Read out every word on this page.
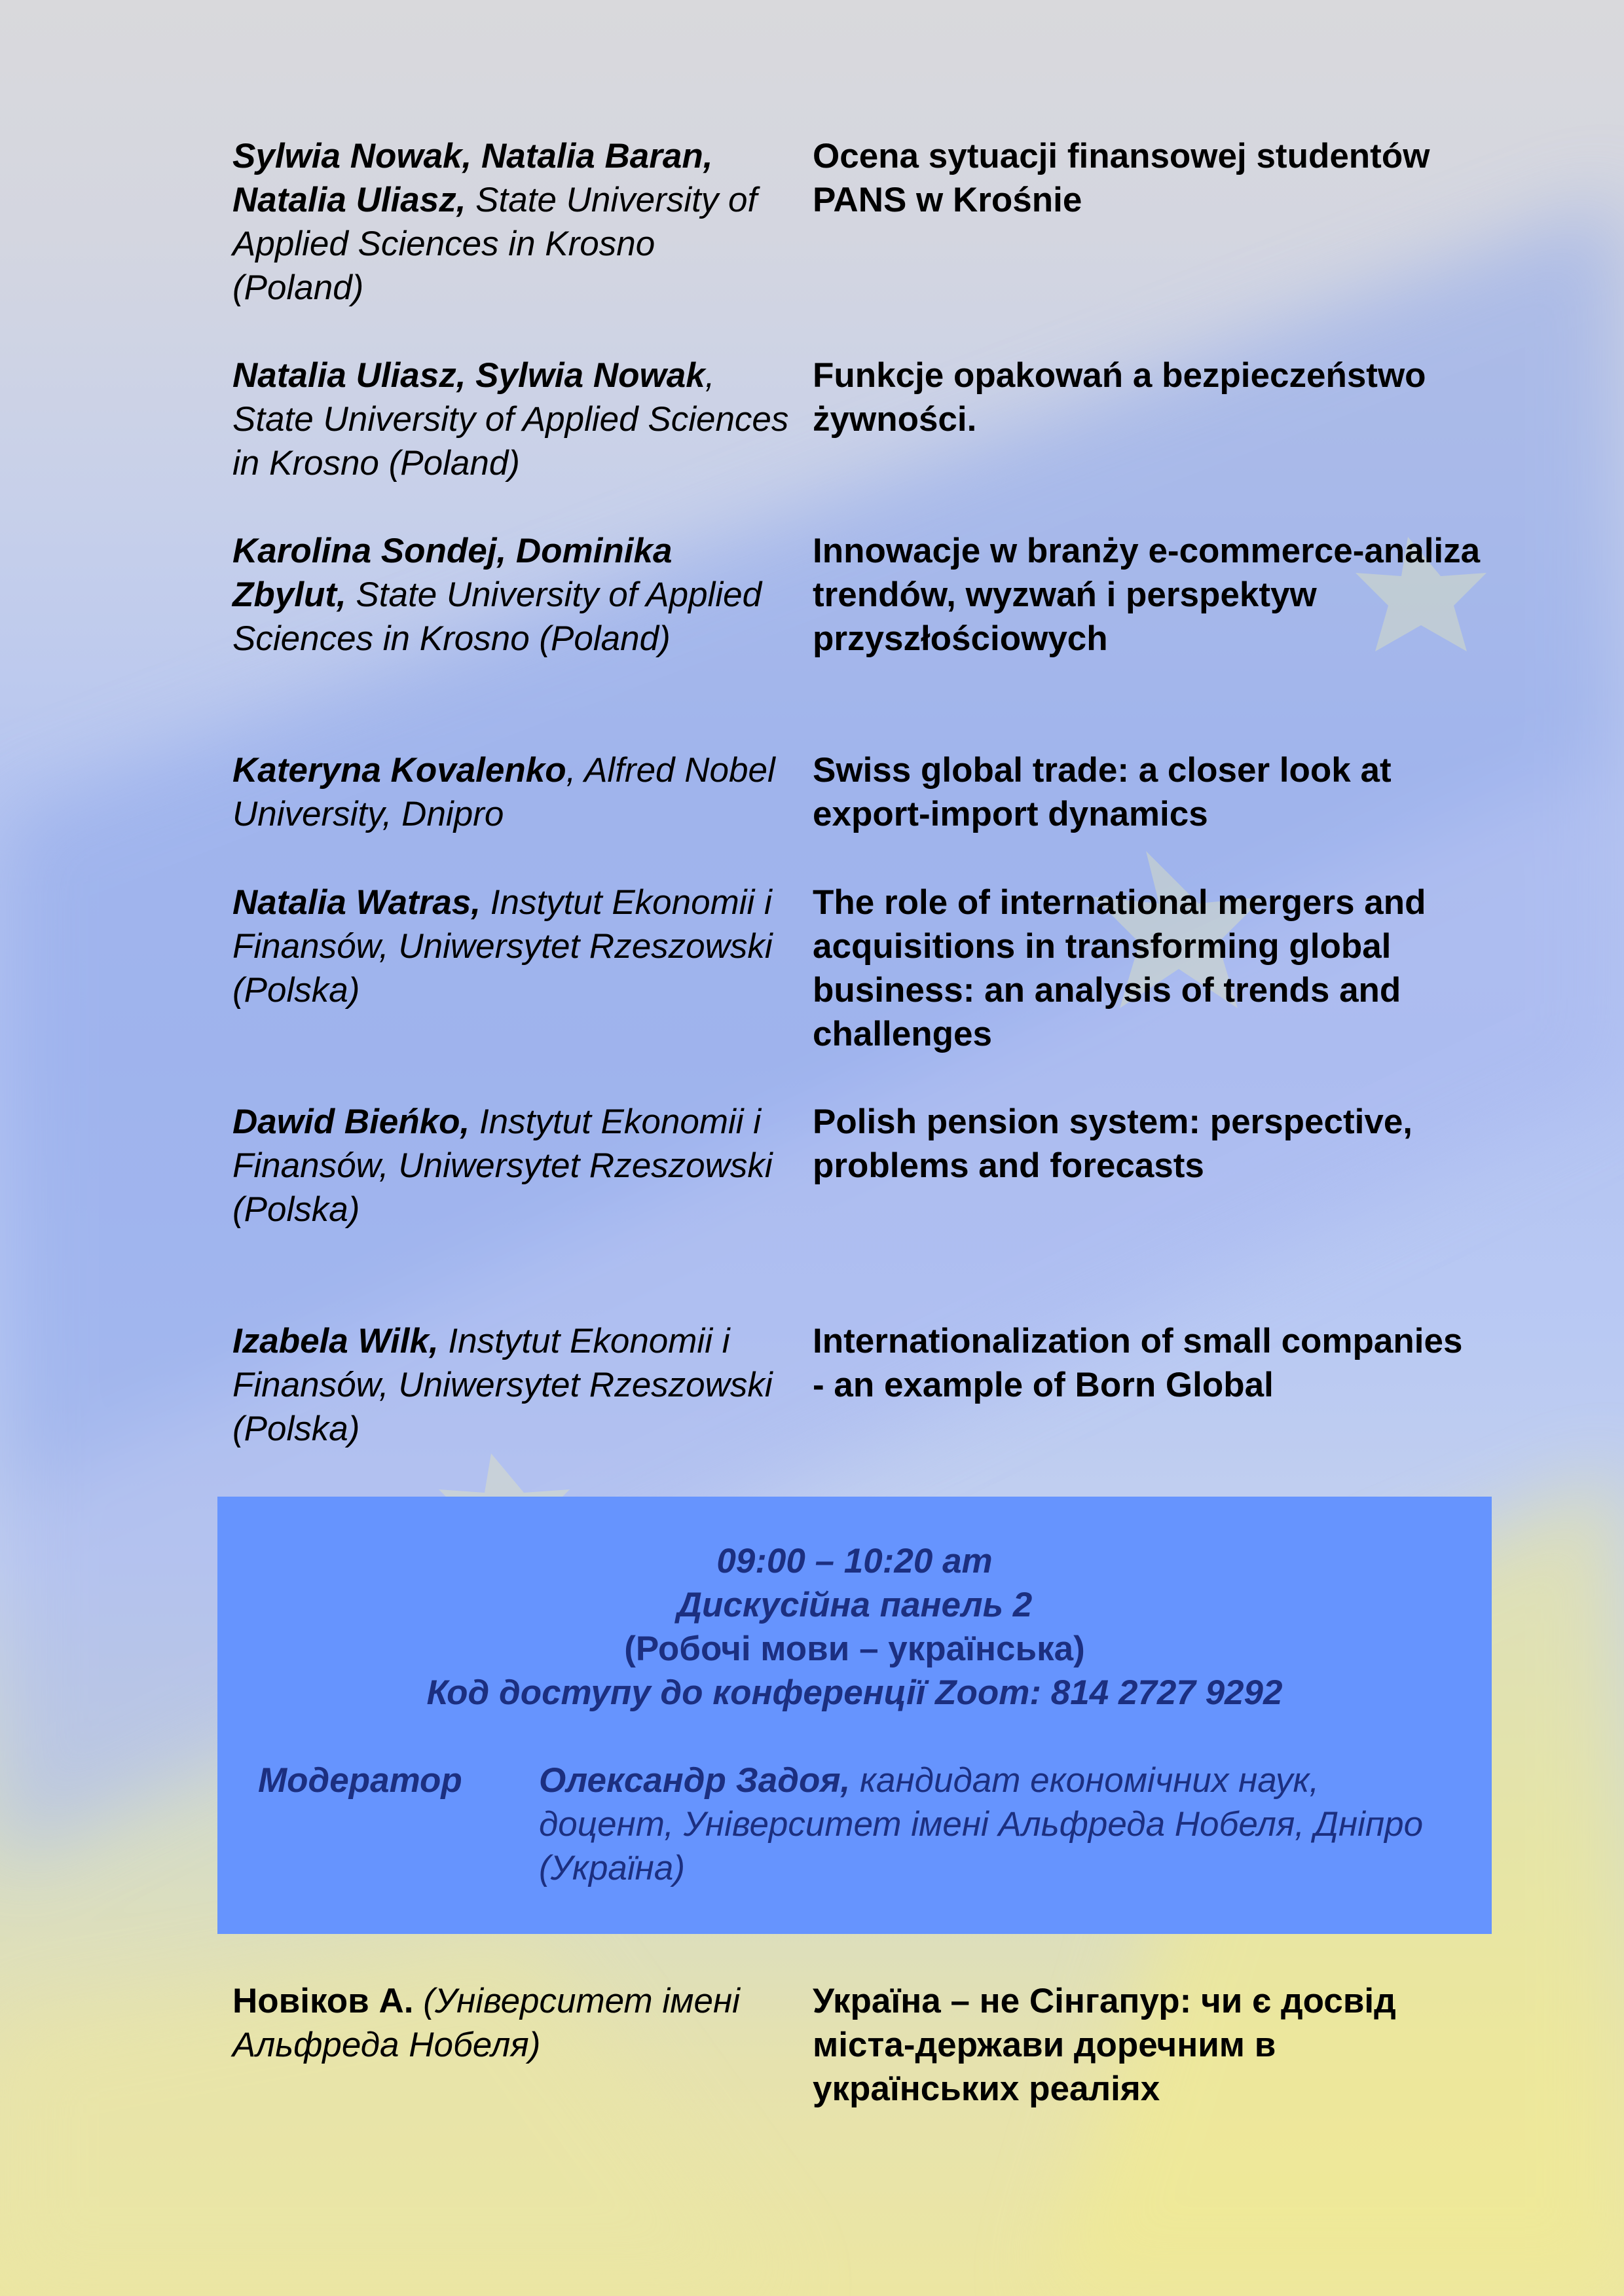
Sylwia Nowak, Natalia Baran, Natalia Uliasz, State University of Applied Sciences in Krosno (Poland)
Ocena sytuacji finansowej studentów PANS w Krośnie
Natalia Uliasz, Sylwia Nowak, State University of Applied Sciences in Krosno (Poland)
Funkcje opakowań a bezpieczeństwo żywności.
Karolina Sondej, Dominika Zbylut, State University of Applied Sciences in Krosno (Poland)
Innowacje w branży e-commerce-analiza trendów, wyzwań i perspektyw przyszłościowych
Kateryna Kovalenko, Alfred Nobel University, Dnipro
Swiss global trade: a closer look at export-import dynamics
Natalia Watras, Instytut Ekonomii i Finansów, Uniwersytet Rzeszowski (Polska)
The role of international mergers and acquisitions in transforming global business: an analysis of trends and challenges
Dawid Bieńko, Instytut Ekonomii i Finansów, Uniwersytet Rzeszowski (Polska)
Polish pension system: perspective, problems and forecasts
Izabela Wilk, Instytut Ekonomii i Finansów, Uniwersytet Rzeszowski (Polska)
Internationalization of small companies - an example of Born Global
09:00 – 10:20 am
Дискусійна панель 2
(Робочі мови – українська)
Код доступу до конференції Zoom: 814 2727 9292
Модератор Олександр Задоя, кандидат економічних наук, доцент, Університет імені Альфреда Нобеля, Дніпро (Україна)
Новіков А. (Університет імені Альфреда Нобеля)
Україна – не Сінгапур: чи є досвід міста-держави доречним в українських реаліях
